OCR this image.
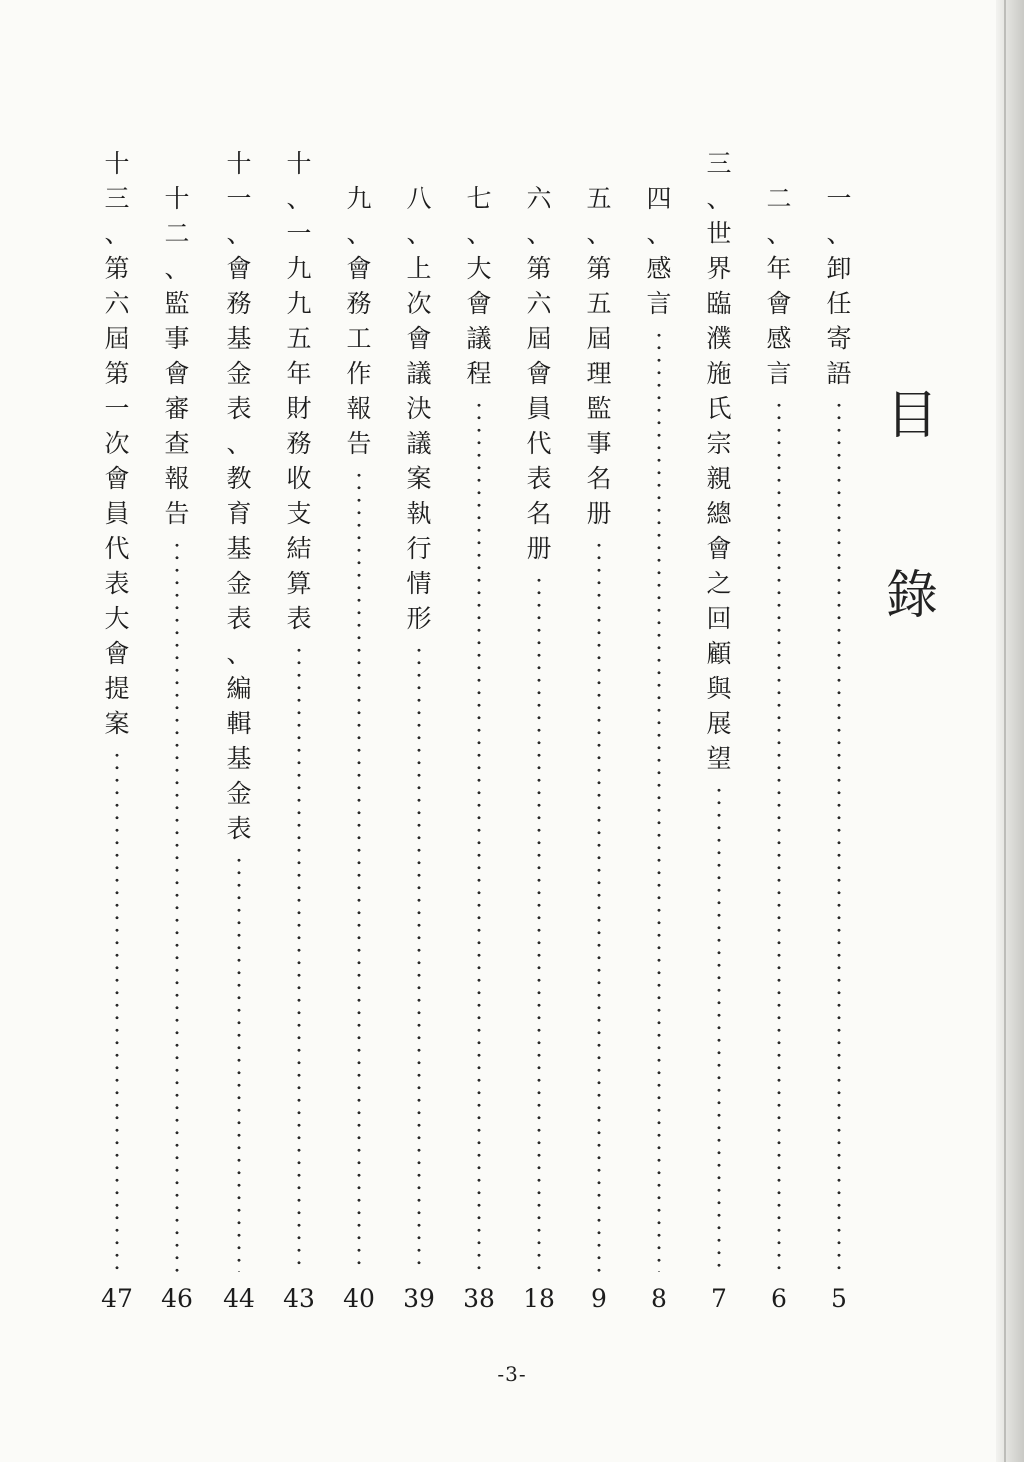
目
錄
一
、
卸
任
寄
語
5
二
、
年
會
感
言
6
三
、
世
界
臨
濮
施
氏
宗
親
總
會
之
回
顧
與
展
望
7
四
、
感
言
8
五
、
第
五
屆
理
監
事
名
册
9
六
、
第
六
屆
會
員
代
表
名
册
18
七
、
大
會
議
程
38
八
、
上
次
會
議
決
議
案
執
行
情
形
39
九
、
會
務
工
作
報
告
40
十
、
一
九
九
五
年
財
務
收
支
結
算
表
43
十
一
、
會
務
基
金
表
、
教
育
基
金
表
、
編
輯
基
金
表
44
十
二
、
監
事
會
審
查
報
告
46
十
三
、
第
六
屆
第
一
次
會
員
代
表
大
會
提
案
47
-3-
